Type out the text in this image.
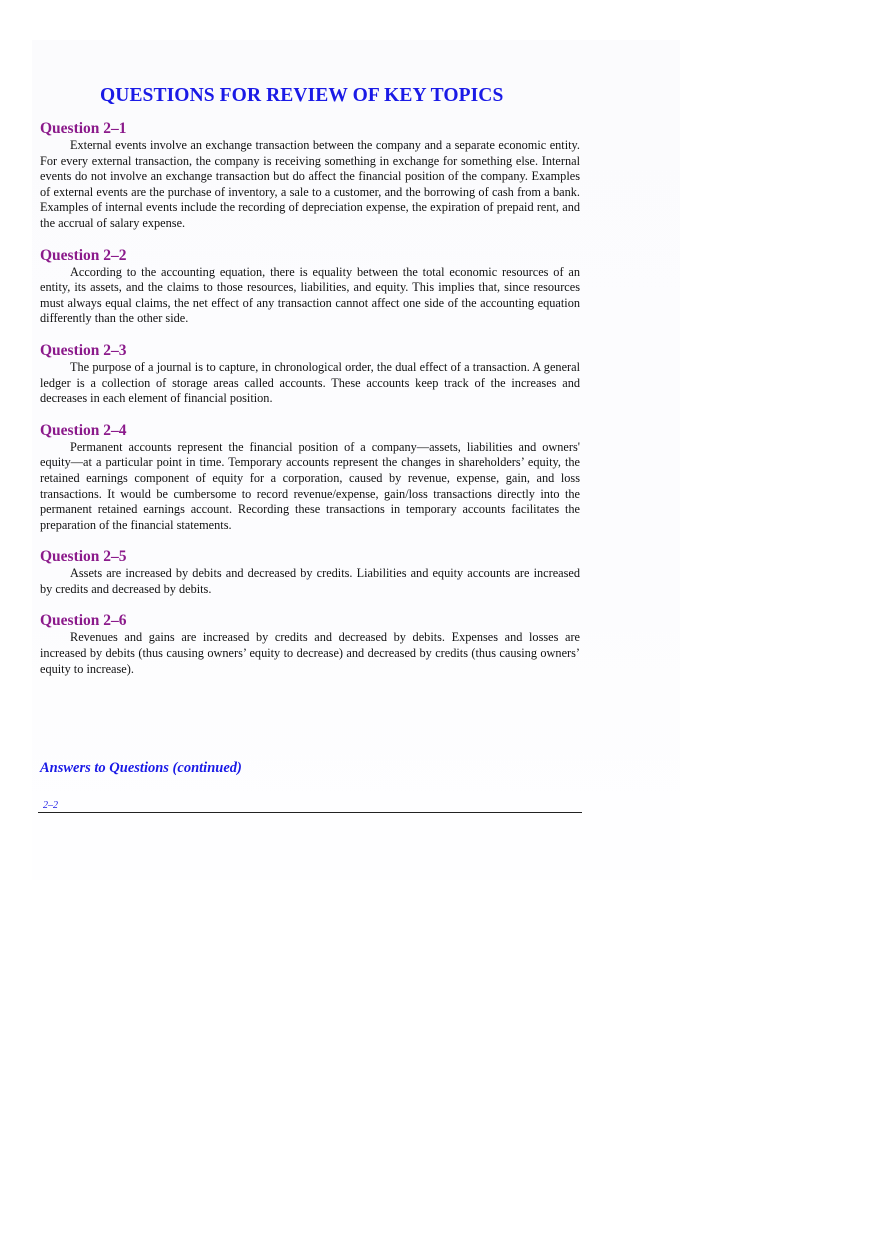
QUESTIONS FOR REVIEW OF KEY TOPICS
Question 2–1

External events involve an exchange transaction between the company and a separate economic entity. For every external transaction, the company is receiving something in exchange for something else. Internal events do not involve an exchange transaction but do affect the financial position of the company. Examples of external events are the purchase of inventory, a sale to a customer, and the borrowing of cash from a bank. Examples of internal events include the recording of depreciation expense, the expiration of prepaid rent, and the accrual of salary expense.

Question 2–2

According to the accounting equation, there is equality between the total economic resources of an entity, its assets, and the claims to those resources, liabilities, and equity. This implies that, since resources must always equal claims, the net effect of any transaction cannot affect one side of the accounting equation differently than the other side.

Question 2–3

The purpose of a journal is to capture, in chronological order, the dual effect of a transaction. A general ledger is a collection of storage areas called accounts. These accounts keep track of the increases and decreases in each element of financial position.

Question 2–4

Permanent accounts represent the financial position of a company—assets, liabilities and owners' equity—at a particular point in time. Temporary accounts represent the changes in shareholders’ equity, the retained earnings component of equity for a corporation, caused by revenue, expense, gain, and loss transactions. It would be cumbersome to record revenue/expense, gain/loss transactions directly into the permanent retained earnings account. Recording these transactions in temporary accounts facilitates the preparation of the financial statements.

Question 2–5

Assets are increased by debits and decreased by credits. Liabilities and equity accounts are increased by credits and decreased by debits.

Question 2–6

Revenues and gains are increased by credits and decreased by debits. Expenses and losses are increased by debits (thus causing owners’ equity to decrease) and decreased by credits (thus causing owners’ equity to increase).

Answers to Questions (continued)

2–2
